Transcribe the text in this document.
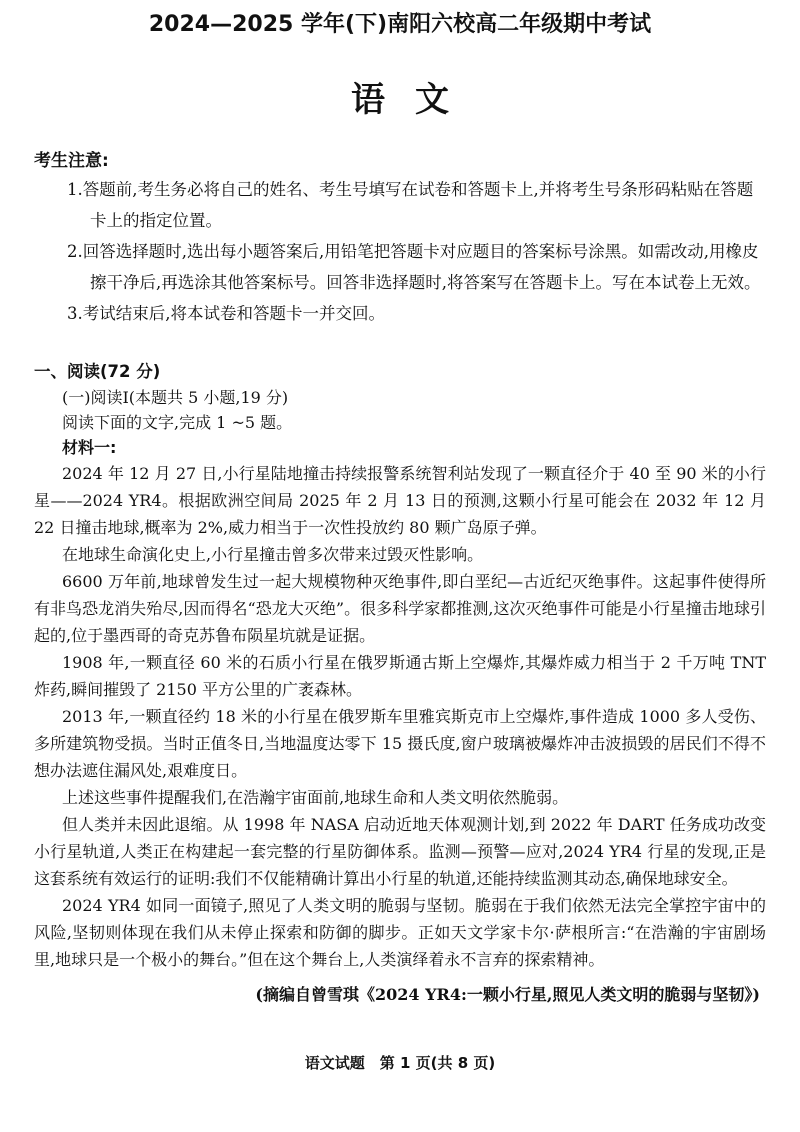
2024—2025 学年(下)南阳六校高二年级期中考试
语文
考生注意:
1.答题前,考生务必将自己的姓名、考生号填写在试卷和答题卡上,并将考生号条形码粘贴在答题卡上的指定位置。
2.回答选择题时,选出每小题答案后,用铅笔把答题卡对应题目的答案标号涂黑。如需改动,用橡皮擦干净后,再选涂其他答案标号。回答非选择题时,将答案写在答题卡上。写在本试卷上无效。
3.考试结束后,将本试卷和答题卡一并交回。
一、阅读(72 分)
(一)阅读Ⅰ(本题共 5 小题,19 分)
阅读下面的文字,完成 1 ~5 题。
材料一:

2024 年 12 月 27 日,小行星陆地撞击持续报警系统智利站发现了一颗直径介于 40 至 90 米的小行星——2024 YR4。根据欧洲空间局 2025 年 2 月 13 日的预测,这颗小行星可能会在 2032 年 12 月 22 日撞击地球,概率为 2%,威力相当于一次性投放约 80 颗广岛原子弹。

在地球生命演化史上,小行星撞击曾多次带来过毁灭性影响。

6600 万年前,地球曾发生过一起大规模物种灭绝事件,即白垩纪—古近纪灭绝事件。这起事件使得所有非鸟恐龙消失殆尽,因而得名“恐龙大灭绝”。很多科学家都推测,这次灭绝事件可能是小行星撞击地球引起的,位于墨西哥的奇克苏鲁布陨星坑就是证据。

1908 年,一颗直径 60 米的石质小行星在俄罗斯通古斯上空爆炸,其爆炸威力相当于 2 千万吨 TNT 炸药,瞬间摧毁了 2150 平方公里的广袤森林。

2013 年,一颗直径约 18 米的小行星在俄罗斯车里雅宾斯克市上空爆炸,事件造成 1000 多人受伤、多所建筑物受损。当时正值冬日,当地温度达零下 15 摄氏度,窗户玻璃被爆炸冲击波损毁的居民们不得不想办法遮住漏风处,艰难度日。

上述这些事件提醒我们,在浩瀚宇宙面前,地球生命和人类文明依然脆弱。

但人类并未因此退缩。从 1998 年 NASA 启动近地天体观测计划,到 2022 年 DART 任务成功改变小行星轨道,人类正在构建起一套完整的行星防御体系。监测—预警—应对,2024 YR4 行星的发现,正是这套系统有效运行的证明:我们不仅能精确计算出小行星的轨道,还能持续监测其动态,确保地球安全。

2024 YR4 如同一面镜子,照见了人类文明的脆弱与坚韧。脆弱在于我们依然无法完全掌控宇宙中的风险,坚韧则体现在我们从未停止探索和防御的脚步。正如天文学家卡尔·萨根所言:“在浩瀚的宇宙剧场里,地球只是一个极小的舞台。”但在这个舞台上,人类演绎着永不言弃的探索精神。

(摘编自曾雪琪《2024 YR4:一颗小行星,照见人类文明的脆弱与坚韧》)
语文试题　第 1 页(共 8 页)
